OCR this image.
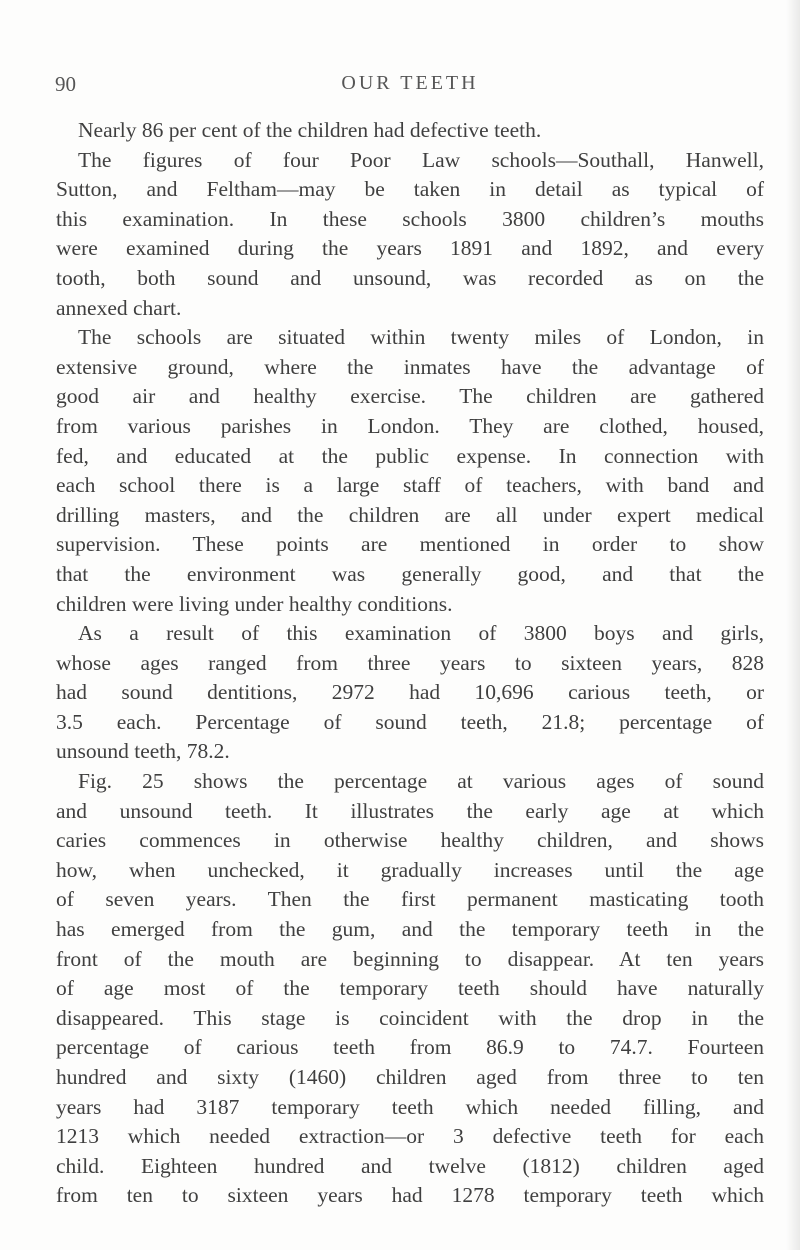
90	OUR TEETH
Nearly 86 per cent of the children had defective teeth.
The figures of four Poor Law schools—Southall, Hanwell,
Sutton, and Feltham—may be taken in detail as typical of
this examination. In these schools 3800 children’s mouths
were examined during the years 1891 and 1892, and every
tooth, both sound and unsound, was recorded as on the
annexed chart.
The schools are situated within twenty miles of London, in
extensive ground, where the inmates have the advantage of
good air and healthy exercise. The children are gathered
from various parishes in London. They are clothed, housed,
fed, and educated at the public expense. In connection with
each school there is a large staff of teachers, with band and
drilling masters, and the children are all under expert medical
supervision. These points are mentioned in order to show
that the environment was generally good, and that the
children were living under healthy conditions.
As a result of this examination of 3800 boys and girls,
whose ages ranged from three years to sixteen years, 828
had sound dentitions, 2972 had 10,696 carious teeth, or
3.5 each. Percentage of sound teeth, 21.8; percentage of
unsound teeth, 78.2.
Fig. 25 shows the percentage at various ages of sound
and unsound teeth. It illustrates the early age at which
caries commences in otherwise healthy children, and shows
how, when unchecked, it gradually increases until the age
of seven years. Then the first permanent masticating tooth
has emerged from the gum, and the temporary teeth in the
front of the mouth are beginning to disappear. At ten years
of age most of the temporary teeth should have naturally
disappeared. This stage is coincident with the drop in the
percentage of carious teeth from 86.9 to 74.7. Fourteen
hundred and sixty (1460) children aged from three to ten
years had 3187 temporary teeth which needed filling, and
1213 which needed extraction—or 3 defective teeth for each
child. Eighteen hundred and twelve (1812) children aged
from ten to sixteen years had 1278 temporary teeth which
